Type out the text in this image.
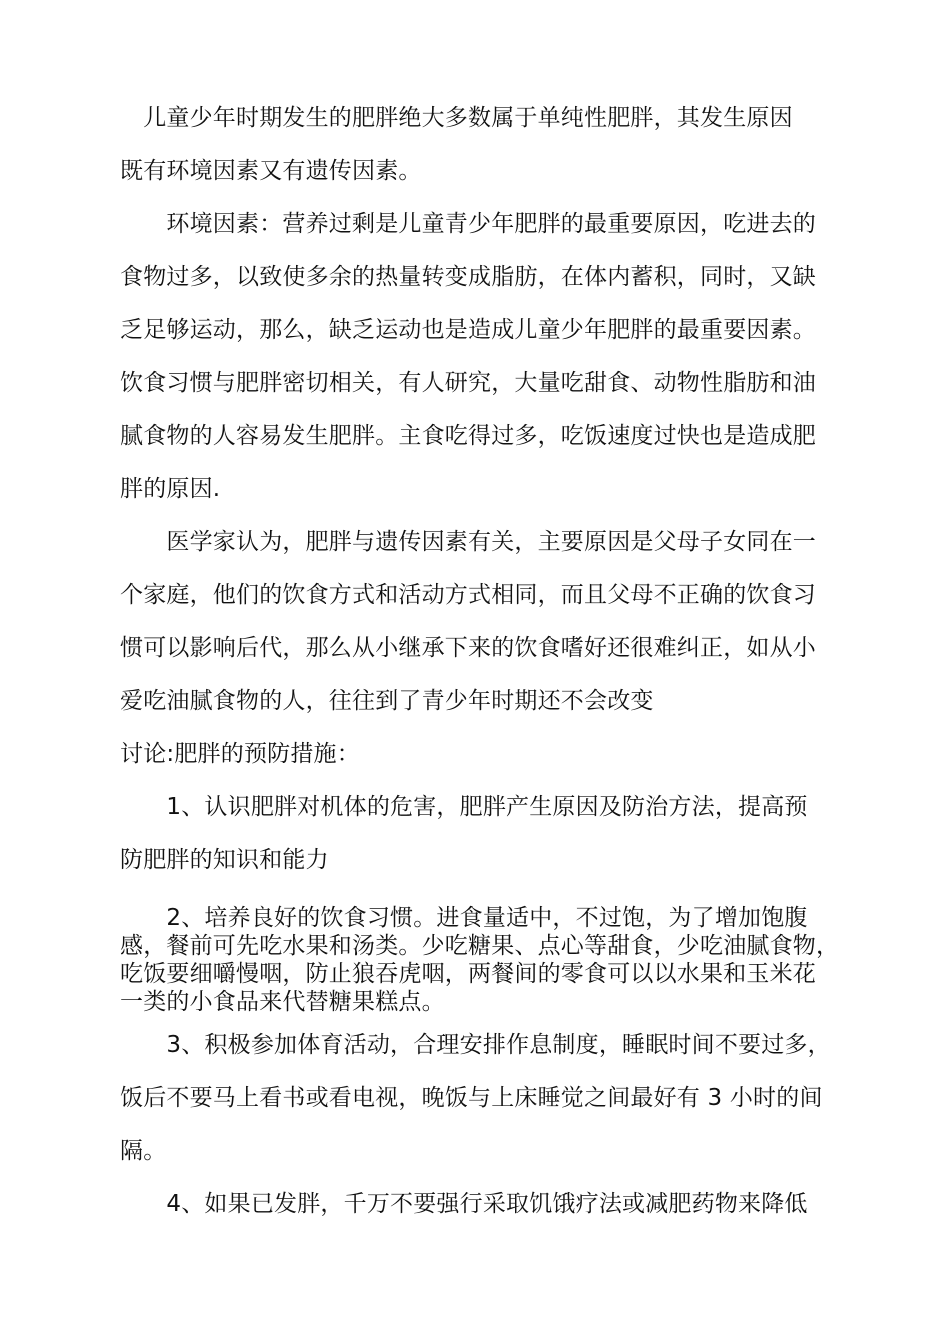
　儿童少年时期发生的肥胖绝大多数属于单纯性肥胖，其发生原因
既有环境因素又有遗传因素。
　　环境因素：营养过剩是儿童青少年肥胖的最重要原因，吃进去的
食物过多，以致使多余的热量转变成脂肪，在体内蓄积，同时，又缺
乏足够运动，那么，缺乏运动也是造成儿童少年肥胖的最重要因素。
饮食习惯与肥胖密切相关，有人研究，大量吃甜食、动物性脂肪和油
腻食物的人容易发生肥胖。主食吃得过多，吃饭速度过快也是造成肥
胖的原因.
　　医学家认为，肥胖与遗传因素有关，主要原因是父母子女同在一
个家庭，他们的饮食方式和活动方式相同，而且父母不正确的饮食习
惯可以影响后代，那么从小继承下来的饮食嗜好还很难纠正，如从小
爱吃油腻食物的人，往往到了青少年时期还不会改变
讨论:肥胖的预防措施：
　　1、认识肥胖对机体的危害，肥胖产生原因及防治方法，提高预
防肥胖的知识和能力
　　2、培养良好的饮食习惯。进食量适中，不过饱，为了增加饱腹
感，餐前可先吃水果和汤类。少吃糖果、点心等甜食，少吃油腻食物，
吃饭要细嚼慢咽，防止狼吞虎咽，两餐间的零食可以以水果和玉米花
一类的小食品来代替糖果糕点。
　　3、积极参加体育活动，合理安排作息制度，睡眠时间不要过多，
饭后不要马上看书或看电视，晚饭与上床睡觉之间最好有 3 小时的间
隔。
　　4、如果已发胖，千万不要强行采取饥饿疗法或减肥药物来降低
